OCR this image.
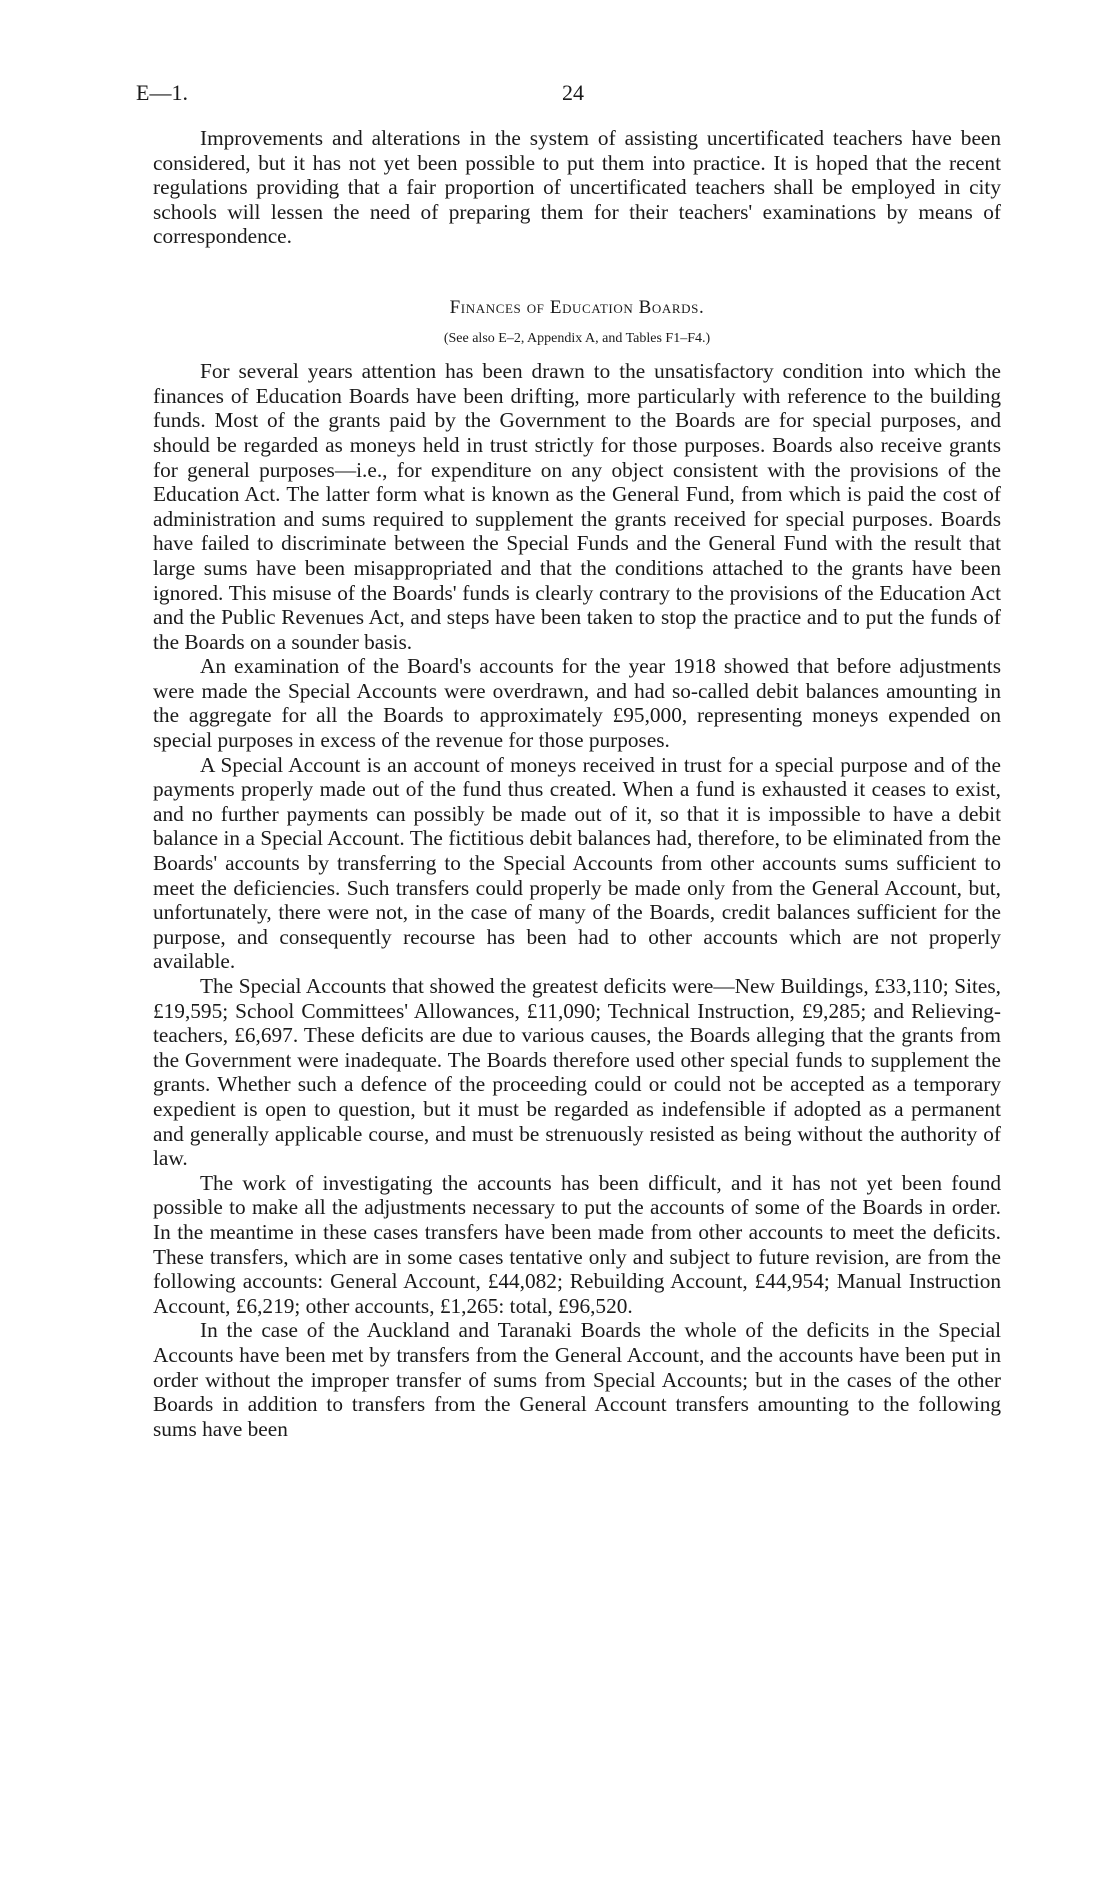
E—1.	24

Improvements and alterations in the system of assisting uncertificated teachers have been considered, but it has not yet been possible to put them into practice. It is hoped that the recent regulations providing that a fair proportion of uncertificated teachers shall be employed in city schools will lessen the need of preparing them for their teachers' examinations by means of correspondence.

Finances of Education Boards.
(See also E–2, Appendix A, and Tables F1–F4.)

For several years attention has been drawn to the unsatisfactory condition into which the finances of Education Boards have been drifting, more particularly with reference to the building funds. Most of the grants paid by the Government to the Boards are for special purposes, and should be regarded as moneys held in trust strictly for those purposes. Boards also receive grants for general purposes—i.e., for expenditure on any object consistent with the provisions of the Education Act. The latter form what is known as the General Fund, from which is paid the cost of administration and sums required to supplement the grants received for special purposes. Boards have failed to discriminate between the Special Funds and the General Fund with the result that large sums have been misappropriated and that the conditions attached to the grants have been ignored. This misuse of the Boards' funds is clearly contrary to the provisions of the Education Act and the Public Revenues Act, and steps have been taken to stop the practice and to put the funds of the Boards on a sounder basis.

An examination of the Board's accounts for the year 1918 showed that before adjustments were made the Special Accounts were overdrawn, and had so-called debit balances amounting in the aggregate for all the Boards to approximately £95,000, representing moneys expended on special purposes in excess of the revenue for those purposes.

A Special Account is an account of moneys received in trust for a special purpose and of the payments properly made out of the fund thus created. When a fund is exhausted it ceases to exist, and no further payments can possibly be made out of it, so that it is impossible to have a debit balance in a Special Account. The fictitious debit balances had, therefore, to be eliminated from the Boards' accounts by transferring to the Special Accounts from other accounts sums sufficient to meet the deficiencies. Such transfers could properly be made only from the General Account, but, unfortunately, there were not, in the case of many of the Boards, credit balances sufficient for the purpose, and consequently recourse has been had to other accounts which are not properly available.

The Special Accounts that showed the greatest deficits were—New Buildings, £33,110; Sites, £19,595; School Committees' Allowances, £11,090; Technical Instruction, £9,285; and Relieving-teachers, £6,697. These deficits are due to various causes, the Boards alleging that the grants from the Government were inadequate. The Boards therefore used other special funds to supplement the grants. Whether such a defence of the proceeding could or could not be accepted as a temporary expedient is open to question, but it must be regarded as indefensible if adopted as a permanent and generally applicable course, and must be strenuously resisted as being without the authority of law.

The work of investigating the accounts has been difficult, and it has not yet been found possible to make all the adjustments necessary to put the accounts of some of the Boards in order. In the meantime in these cases transfers have been made from other accounts to meet the deficits. These transfers, which are in some cases tentative only and subject to future revision, are from the following accounts: General Account, £44,082; Rebuilding Account, £44,954; Manual Instruction Account, £6,219; other accounts, £1,265: total, £96,520.

In the case of the Auckland and Taranaki Boards the whole of the deficits in the Special Accounts have been met by transfers from the General Account, and the accounts have been put in order without the improper transfer of sums from Special Accounts; but in the cases of the other Boards in addition to transfers from the General Account transfers amounting to the following sums have been
